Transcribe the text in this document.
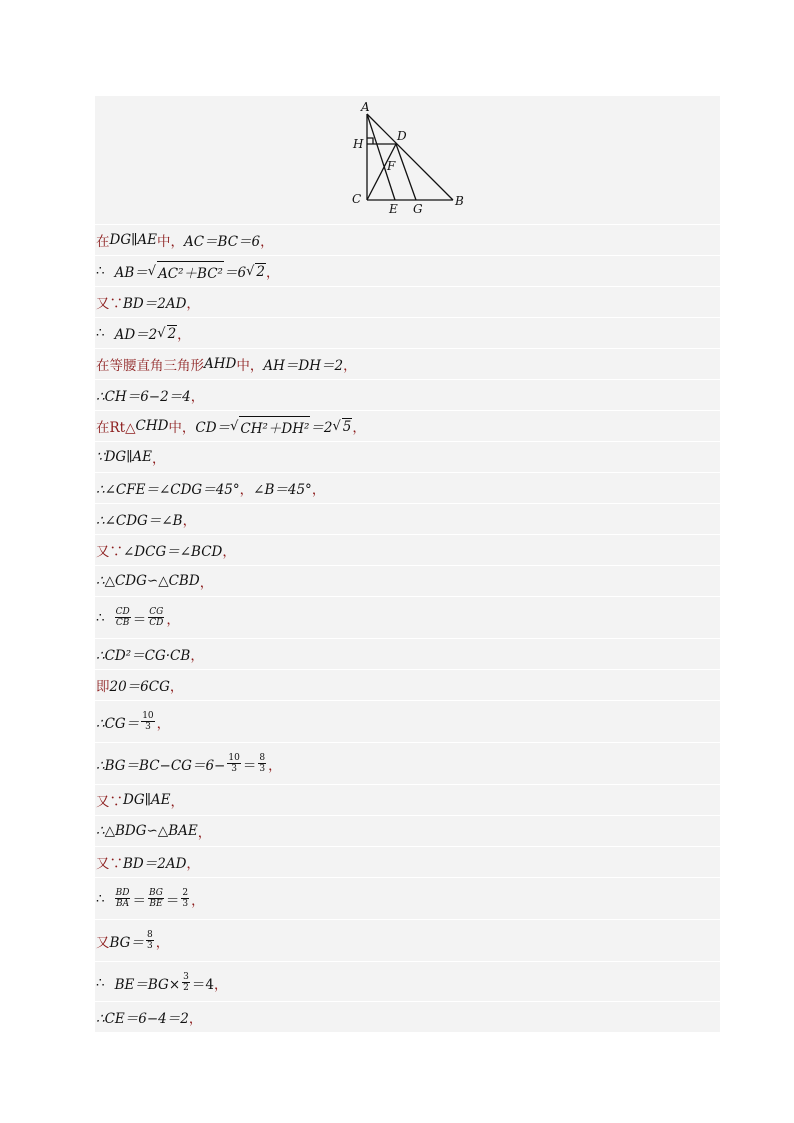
A
D
H
F
C
E G
B
在 DG∥AE 中， AC＝BC＝6 ，
∴ AB＝ √ AC²＋BC² ＝6 √ 2 ，
又∵ BD＝2AD ，
∴ AD＝2 √ 2 ，
在等腰直角三角形 AHD 中， AH＝DH＝2 ，
∴CH＝6−2＝4 ，
在Rt△ CHD 中， CD＝ √ CH²＋DH² ＝2 √ 5 ，
∵DG∥AE ，
∴∠CFE＝∠CDG＝45° ， ∠B＝45° ，
∴∠CDG＝∠B ，
又∵ ∠DCG＝∠BCD ，
∴△CDG∽△CBD ，
∴ $\frac{CD}{CB} = \frac{CG}{CD}$ ，
∴CD²＝CG·CB ，
即 20＝6CG ，
∴CG＝ $\frac{10}{3}$ ，
∴BG＝BC−CG＝6− $\frac{10}{3} = \frac{8}{3}$ ，
又∵ DG∥AE ，
∴△BDG∽△BAE ，
又∵ BD＝2AD ，
∴ $\frac{BD}{BA} = \frac{BG}{BE} = \frac{2}{3}$ ，
又 $BG= \frac{8}{3}$ ，
∴ $BE=BG\times \frac{3}{2} =4$ ，
∴CE＝6−4＝2 ，
